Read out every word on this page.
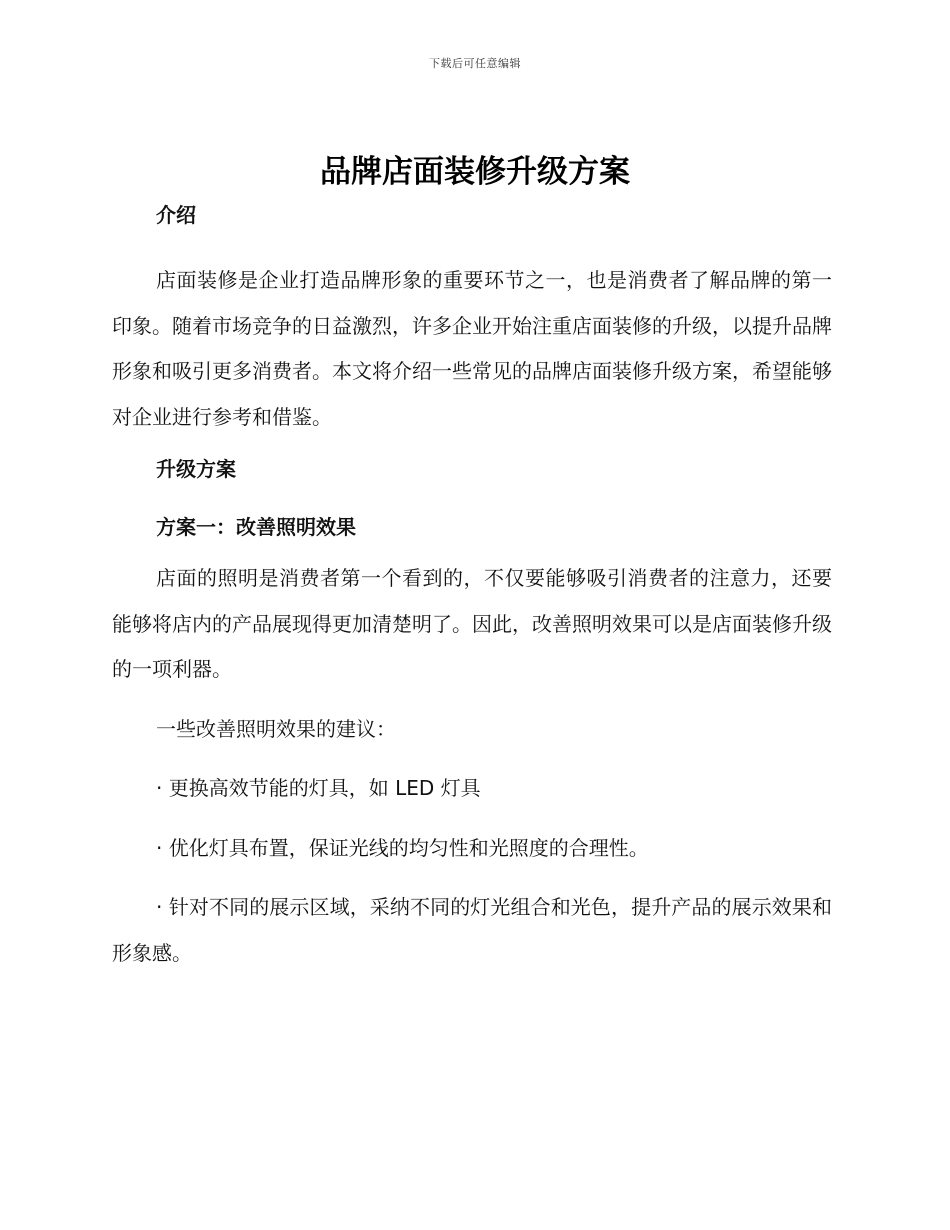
下载后可任意编辑
品牌店面装修升级方案
介绍

店面装修是企业打造品牌形象的重要环节之一，也是消费者了解品牌的第一印象。随着市场竞争的日益激烈，许多企业开始注重店面装修的升级，以提升品牌形象和吸引更多消费者。本文将介绍一些常见的品牌店面装修升级方案，希望能够对企业进行参考和借鉴。

升级方案
方案一：改善照明效果

店面的照明是消费者第一个看到的，不仅要能够吸引消费者的注意力，还要能够将店内的产品展现得更加清楚明了。因此，改善照明效果可以是店面装修升级的一项利器。

一些改善照明效果的建议：

· 更换高效节能的灯具，如 LED 灯具

· 优化灯具布置，保证光线的均匀性和光照度的合理性。

· 针对不同的展示区域，采纳不同的灯光组合和光色，提升产品的展示效果和形象感。
